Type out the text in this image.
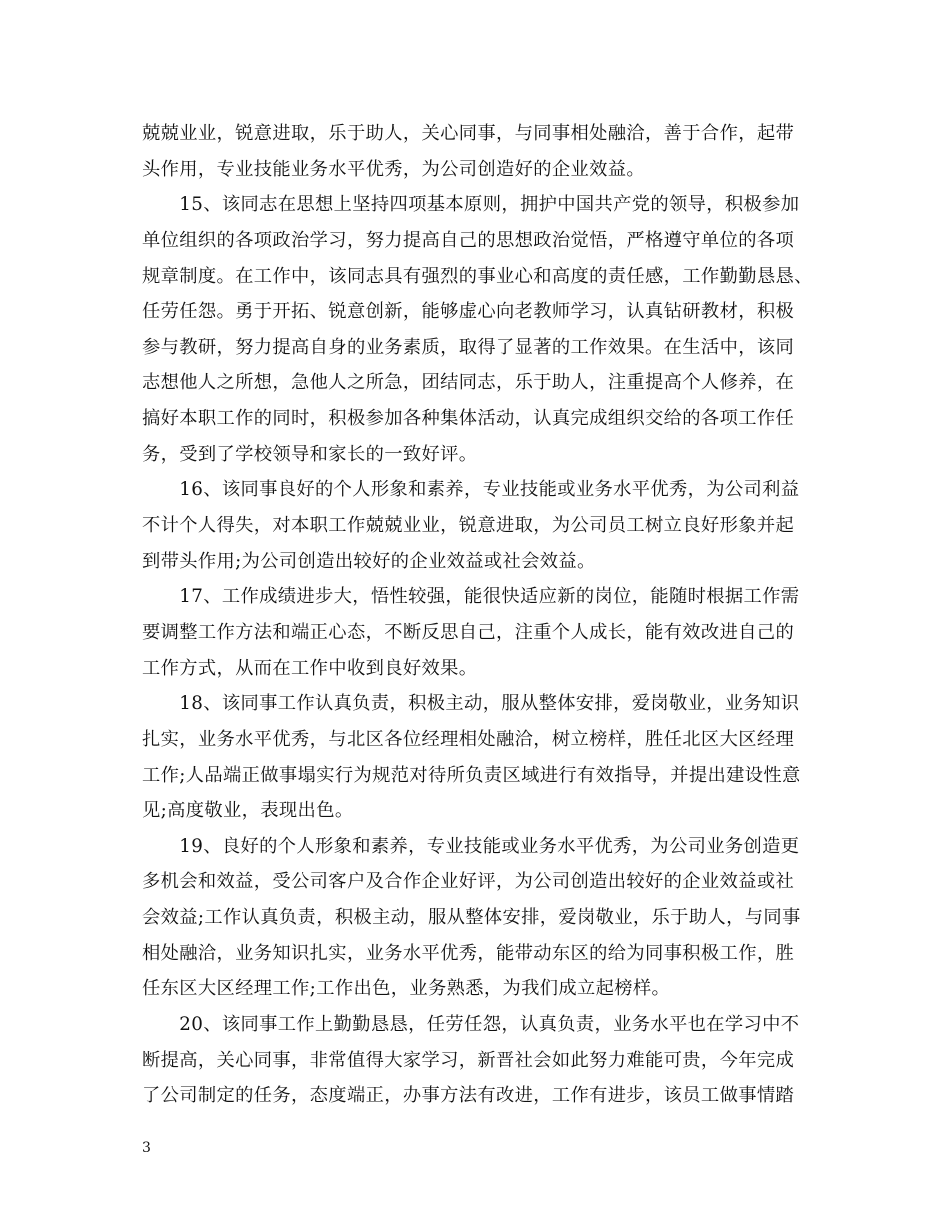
兢兢业业，锐意进取，乐于助人，关心同事，与同事相处融洽，善于合作，起带
头作用，专业技能业务水平优秀，为公司创造好的企业效益。
　　15、该同志在思想上坚持四项基本原则，拥护中国共产党的领导，积极参加
单位组织的各项政治学习，努力提高自己的思想政治觉悟，严格遵守单位的各项
规章制度。在工作中，该同志具有强烈的事业心和高度的责任感，工作勤勤恳恳、
任劳任怨。勇于开拓、锐意创新，能够虚心向老教师学习，认真钻研教材，积极
参与教研，努力提高自身的业务素质，取得了显著的工作效果。在生活中，该同
志想他人之所想，急他人之所急，团结同志，乐于助人，注重提高个人修养，在
搞好本职工作的同时，积极参加各种集体活动，认真完成组织交给的各项工作任
务，受到了学校领导和家长的一致好评。
　　16、该同事良好的个人形象和素养，专业技能或业务水平优秀，为公司利益
不计个人得失，对本职工作兢兢业业，锐意进取，为公司员工树立良好形象并起
到带头作用;为公司创造出较好的企业效益或社会效益。
　　17、工作成绩进步大，悟性较强，能很快适应新的岗位，能随时根据工作需
要调整工作方法和端正心态，不断反思自己，注重个人成长，能有效改进自己的
工作方式，从而在工作中收到良好效果。
　　18、该同事工作认真负责，积极主动，服从整体安排，爱岗敬业，业务知识
扎实，业务水平优秀，与北区各位经理相处融洽，树立榜样，胜任北区大区经理
工作;人品端正做事塌实行为规范对待所负责区域进行有效指导，并提出建设性意
见;高度敬业，表现出色。
　　19、良好的个人形象和素养，专业技能或业务水平优秀，为公司业务创造更
多机会和效益，受公司客户及合作企业好评，为公司创造出较好的企业效益或社
会效益;工作认真负责，积极主动，服从整体安排，爱岗敬业，乐于助人，与同事
相处融洽，业务知识扎实，业务水平优秀，能带动东区的给为同事积极工作，胜
任东区大区经理工作;工作出色，业务熟悉，为我们成立起榜样。
　　20、该同事工作上勤勤恳恳，任劳任怨，认真负责，业务水平也在学习中不
断提高，关心同事，非常值得大家学习，新晋社会如此努力难能可贵，今年完成
了公司制定的任务，态度端正，办事方法有改进，工作有进步，该员工做事情踏
3
